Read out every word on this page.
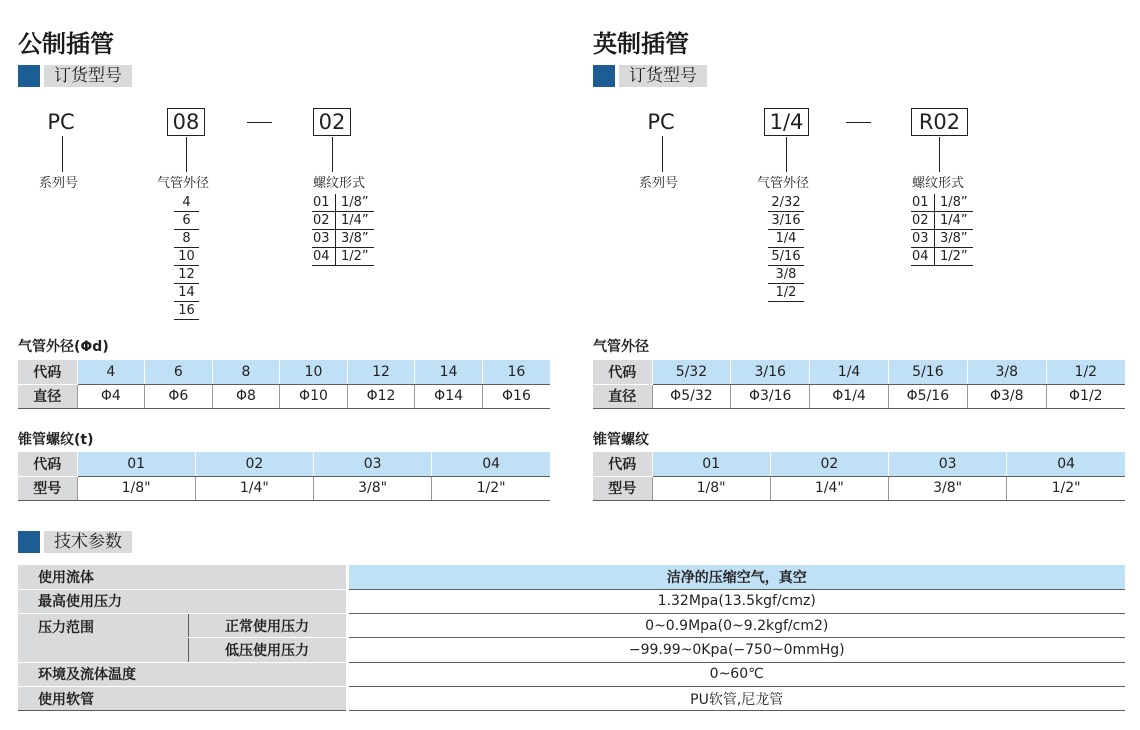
公制插管
订货型号
PC	08	02
系列号	气管外径	螺纹形式
4
6
8
10
12
14
16
01 1/8”
02 1/4”
03 3/8”
04 1/2”
气管外径(Φd)
代码	4	6	8	10	12	14	16
直径	Φ4	Φ6	Φ8	Φ10	Φ12	Φ14	Φ16
锥管螺纹(t)
代码	01	02	03	04
型号	1/8"	1/4"	3/8"	1/2"
英制插管
订货型号
PC	1/4	R02
系列号	气管外径	螺纹形式
2/32
3/16
1/4
5/16
3/8
1/2
01 1/8”
02 1/4”
03 3/8”
04 1/2”
气管外径
代码	5/32	3/16	1/4	5/16	3/8	1/2
直径	Φ5/32	Φ3/16	Φ1/4	Φ5/16	Φ3/8	Φ1/2
锥管螺纹
代码	01	02	03	04
型号	1/8"	1/4"	3/8"	1/2"
技术参数
使用流体		洁净的压缩空气，真空
最高使用压力		1.32Mpa(13.5kgf/cmz)
压力范围	正常使用压力	0~0.9Mpa(0~9.2kgf/cm2)
	低压使用压力	−99.99~0Kpa(−750~0mmHg)
环境及流体温度		0~60℃
使用软管		PU软管,尼龙管
